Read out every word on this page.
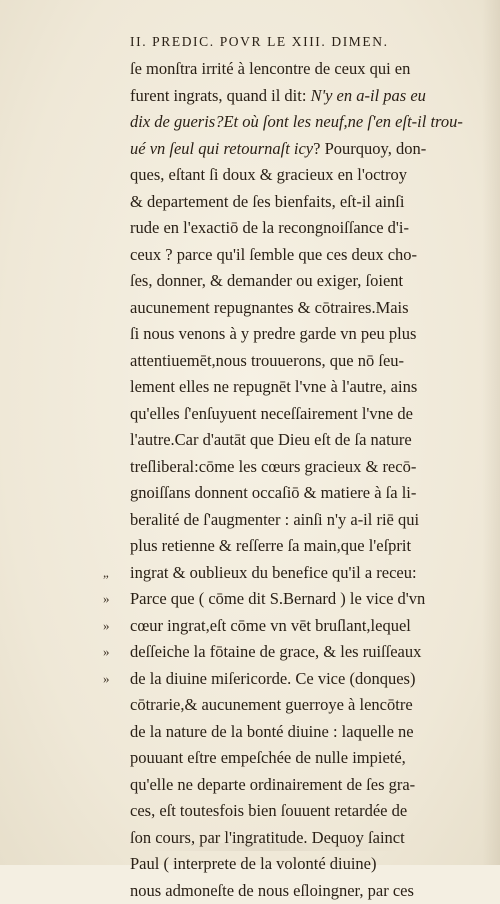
II. PREDIC. POVR LE XIII. DIMEN.
ſe monſtra irrité à lencontre de ceux qui en
furent ingrats, quand il dit: N'y en a-il pas eu
dix de gueris?Et où ſont les neuf,ne ſ'en eſt-il trou-
ué vn ſeul qui retournaſt icy? Pourquoy, don-
ques, eſtant ſi doux & gracieux en l'octroy
& departement de ſes bienfaits, eſt-il ainſi
rude en l'exactiō de la recongnoiſſance d'i-
ceux ? parce qu'il ſemble que ces deux cho-
ſes, donner, & demander ou exiger, ſoient
aucunement repugnantes & cōtraires.Mais
ſi nous venons à y predre garde vn peu plus
attentiuemēt,nous trouuerons, que nō ſeu-
lement elles ne repugnēt l'vne à l'autre, ains
qu'elles ſ'enſuyuent neceſſairement l'vne de
l'autre.Car d'autāt que Dieu eſt de ſa nature
treſliberal:cōme les cœurs gracieux & recō-
gnoiſſans donnent occaſiō & matiere à ſa li-
beralité de ſ'augmenter : ainſi n'y a-il riē qui
plus retienne & reſſerre ſa main,que l'eſprit
„ ingrat & oublieux du benefice qu'il a receu:
» Parce que ( cōme dit S.Bernard ) le vice d'vn
» cœur ingrat,eſt cōme vn vēt bruſlant,lequel
» deſſeiche la fōtaine de grace, & les ruiſſeaux
» de la diuine miſericorde. Ce vice (donques)
cōtrarie,& aucunement guerroye à lencōtre
de la nature de la bonté diuine : laquelle ne
pouuant eſtre empeſchée de nulle impieté,
qu'elle ne departe ordinairement de ſes gra-
ces, eſt toutesfois bien ſouuent retardée de
ſon cours, par l'ingratitude. Dequoy ſainct
Paul ( interprete de la volonté diuine)
nous admoneſte de nous eſloingner, par ces
